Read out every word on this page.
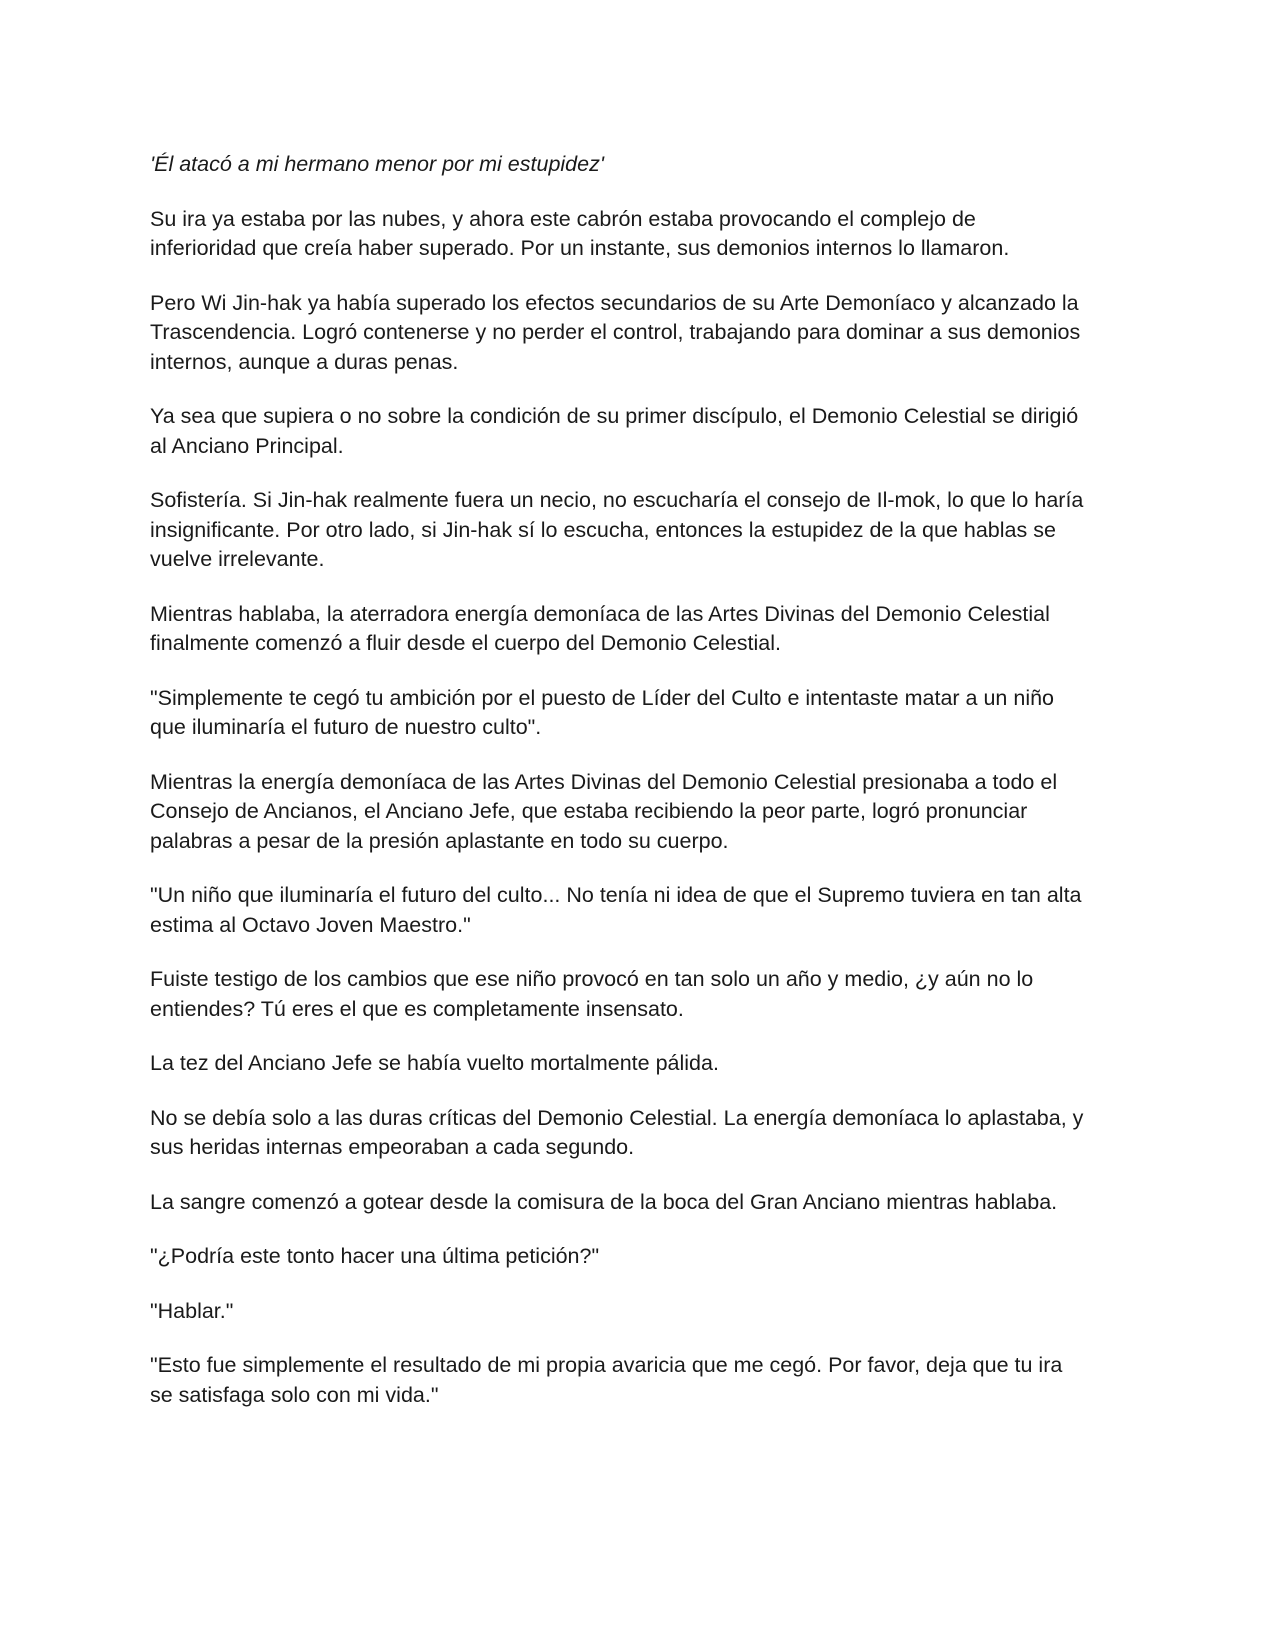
'Él atacó a mi hermano menor por mi estupidez'

Su ira ya estaba por las nubes, y ahora este cabrón estaba provocando el complejo de inferioridad que creía haber superado. Por un instante, sus demonios internos lo llamaron.

Pero Wi Jin-hak ya había superado los efectos secundarios de su Arte Demoníaco y alcanzado la Trascendencia. Logró contenerse y no perder el control, trabajando para dominar a sus demonios internos, aunque a duras penas.

Ya sea que supiera o no sobre la condición de su primer discípulo, el Demonio Celestial se dirigió al Anciano Principal.

Sofistería. Si Jin-hak realmente fuera un necio, no escucharía el consejo de Il-mok, lo que lo haría insignificante. Por otro lado, si Jin-hak sí lo escucha, entonces la estupidez de la que hablas se vuelve irrelevante.

Mientras hablaba, la aterradora energía demoníaca de las Artes Divinas del Demonio Celestial finalmente comenzó a fluir desde el cuerpo del Demonio Celestial.

"Simplemente te cegó tu ambición por el puesto de Líder del Culto e intentaste matar a un niño que iluminaría el futuro de nuestro culto".

Mientras la energía demoníaca de las Artes Divinas del Demonio Celestial presionaba a todo el Consejo de Ancianos, el Anciano Jefe, que estaba recibiendo la peor parte, logró pronunciar palabras a pesar de la presión aplastante en todo su cuerpo.

"Un niño que iluminaría el futuro del culto... No tenía ni idea de que el Supremo tuviera en tan alta estima al Octavo Joven Maestro."

Fuiste testigo de los cambios que ese niño provocó en tan solo un año y medio, ¿y aún no lo entiendes? Tú eres el que es completamente insensato.

La tez del Anciano Jefe se había vuelto mortalmente pálida.

No se debía solo a las duras críticas del Demonio Celestial. La energía demoníaca lo aplastaba, y sus heridas internas empeoraban a cada segundo.

La sangre comenzó a gotear desde la comisura de la boca del Gran Anciano mientras hablaba.

"¿Podría este tonto hacer una última petición?"

"Hablar."

"Esto fue simplemente el resultado de mi propia avaricia que me cegó. Por favor, deja que tu ira se satisfaga solo con mi vida."
